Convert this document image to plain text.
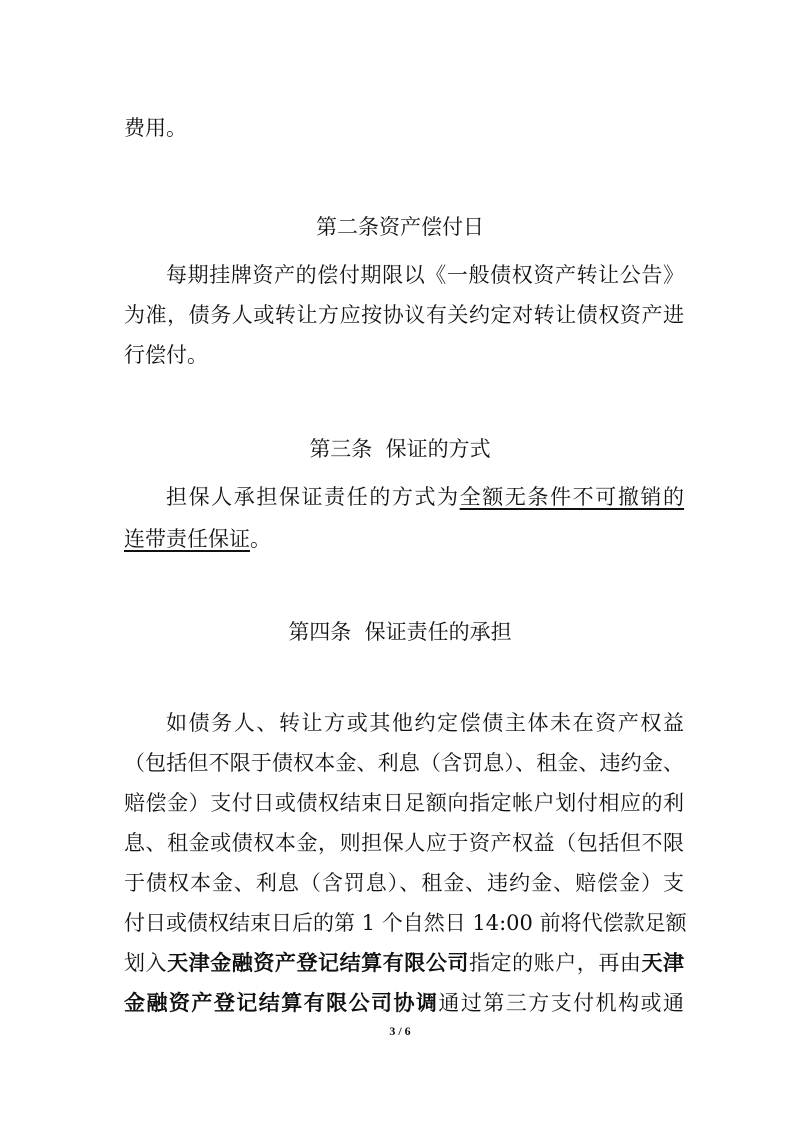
费用。
第二条资产偿付日
每期挂牌资产的偿付期限以《一般债权资产转让公告》
为准，债务人或转让方应按协议有关约定对转让债权资产进
行偿付。
第三条  保证的方式
担保人承担保证责任的方式为全额无条件不可撤销的
连带责任保证。
第四条  保证责任的承担
如债务人、转让方或其他约定偿债主体未在资产权益
（包括但不限于债权本金、利息（含罚息）、租金、违约金、
赔偿金）支付日或债权结束日足额向指定帐户划付相应的利
息、租金或债权本金，则担保人应于资产权益（包括但不限
于债权本金、利息（含罚息）、租金、违约金、赔偿金）支
付日或债权结束日后的第 1 个自然日 14:00 前将代偿款足额
划入天津金融资产登记结算有限公司指定的账户，再由天津
金融资产登记结算有限公司协调通过第三方支付机构或通
3 / 6
